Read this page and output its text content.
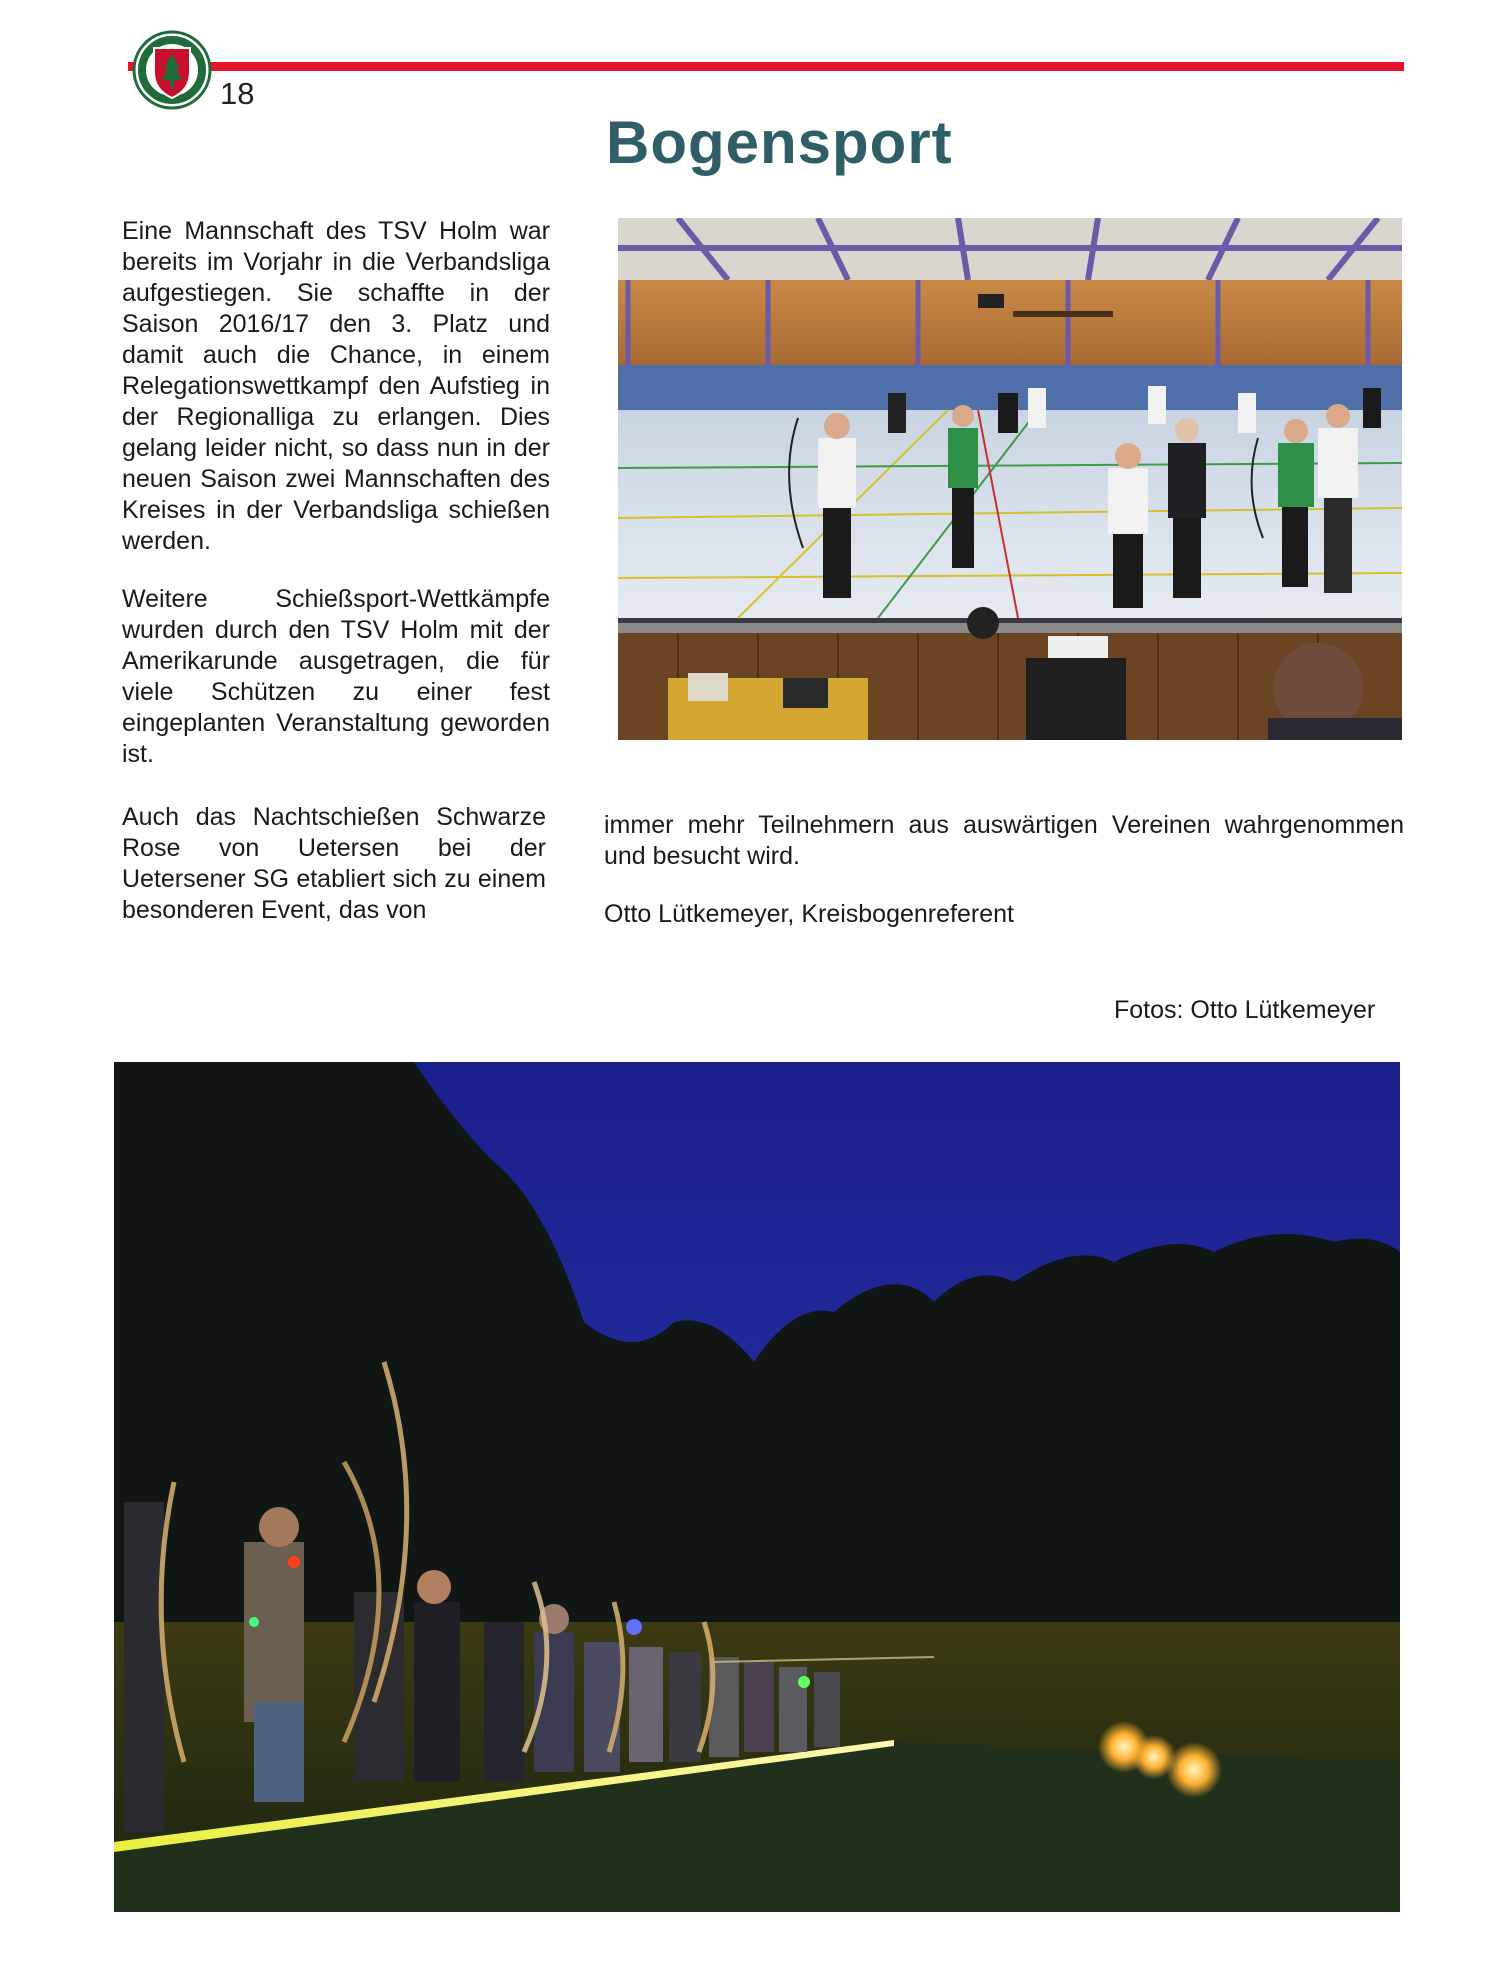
18
Bogensport

Eine Mannschaft des TSV Holm war bereits im Vorjahr in die Verbandsliga aufgestiegen. Sie schaffte in der Saison 2016/17 den 3. Platz und damit auch die Chance, in einem Relegationswettkampf den Aufstieg in der Regionalliga zu erlangen. Dies gelang leider nicht, so dass nun in der neuen Saison zwei Mannschaften des Kreises in der Verbandsliga schießen werden.

Weitere Schießsport-Wettkämpfe wurden durch den TSV Holm mit der Amerikarunde ausgetragen, die für viele Schützen zu einer fest eingeplanten Veranstaltung geworden ist.

Auch das Nachtschießen Schwarze Rose von Uetersen bei der Uetersener SG etabliert sich zu einem besonderen Event, das von

immer mehr Teilnehmern aus auswärtigen Vereinen wahrgenommen und besucht wird.

Otto Lütkemeyer, Kreisbogenreferent
Fotos: Otto Lütkemeyer
